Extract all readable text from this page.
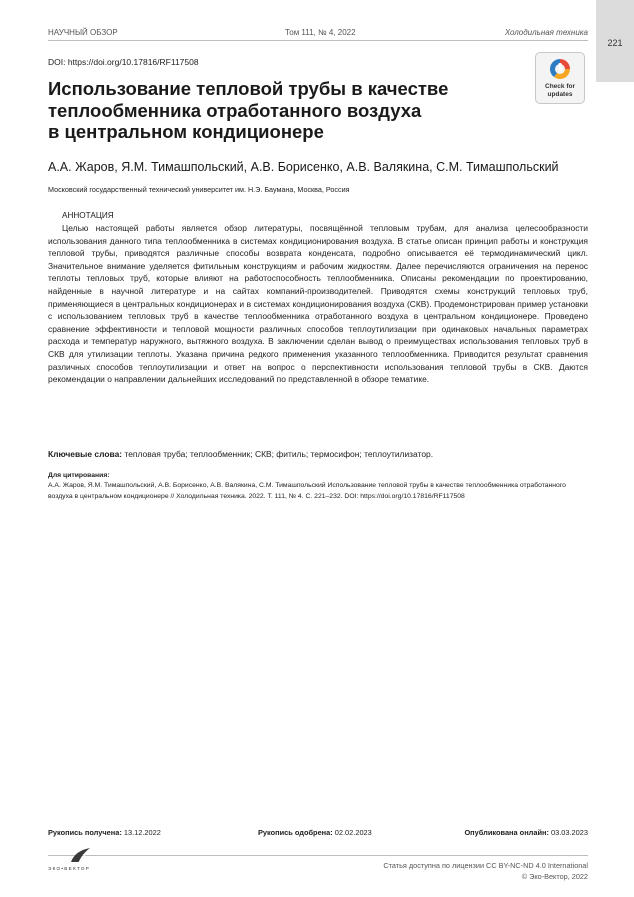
221
НАУЧНЫЙ ОБЗОР	Том 111, № 4, 2022	Холодильная техника
DOI: https://doi.org/10.17816/RF117508
Check for
updates
Использование тепловой трубы в качестве
теплообменника отработанного воздуха
в центральном кондиционере
А.А. Жаров, Я.М. Тимашпольский, А.В. Борисенко, А.В. Валякина, С.М. Тимашпольский
Московский государственный технический университет им. Н.Э. Баумана, Москва, Россия
АННОТАЦИЯ
Целью настоящей работы является обзор литературы, посвящённой тепловым трубам, для анализа целесообразности использования данного типа теплообменника в системах кондиционирования воздуха. В статье описан принцип работы и конструкция тепловой трубы, приводятся различные способы возврата конденсата, подробно описывается её термодинамический цикл. Значительное внимание уделяется фитильным конструкциям и рабочим жидкостям. Далее перечисляются ограничения на перенос теплоты тепловых труб, которые влияют на работоспособность теплообменника. Описаны рекомендации по проектированию, найденные в научной литературе и на сайтах компаний-производителей. Приводятся схемы конструкций тепловых труб, применяющиеся в центральных кондиционерах и в системах кондиционирования воздуха (СКВ). Продемонстрирован пример установки с использованием тепловых труб в качестве теплообменника отработанного воздуха в центральном кондиционере. Проведено сравнение эффективности и тепловой мощности различных способов теплоутилизации при одинаковых начальных параметрах расхода и температур наружного, вытяжного воздуха. В заключении сделан вывод о преимуществах использования тепловых труб в СКВ для утилизации теплоты. Указана причина редкого применения указанного теплообменника. Приводится результат сравнения различных способов теплоутилизации и ответ на вопрос о перспективности использования тепловой трубы в СКВ. Даются рекомендации о направлении дальнейших исследований по представленной в обзоре тематике.
Ключевые слова: тепловая труба; теплообменник; СКВ; фитиль; термосифон; теплоутилизатор.
Для цитирования:
А.А. Жаров, Я.М. Тимашпольский, А.В. Борисенко, А.В. Валякина, С.М. Тимашпольский Использование тепловой трубы в качестве теплообменника отработанного воздуха в центральном кондиционере // Холодильная техника. 2022. Т. 111, № 4. С. 221–232. DOI: https://doi.org/10.17816/RF117508
Рукопись получена: 13.12.2022	Рукопись одобрена: 02.02.2023	Опубликована онлайн: 03.03.2023
ЭКО•ВЕКТОР	Статья доступна по лицензии CC BY-NC-ND 4.0 International
© Эко-Вектор, 2022
